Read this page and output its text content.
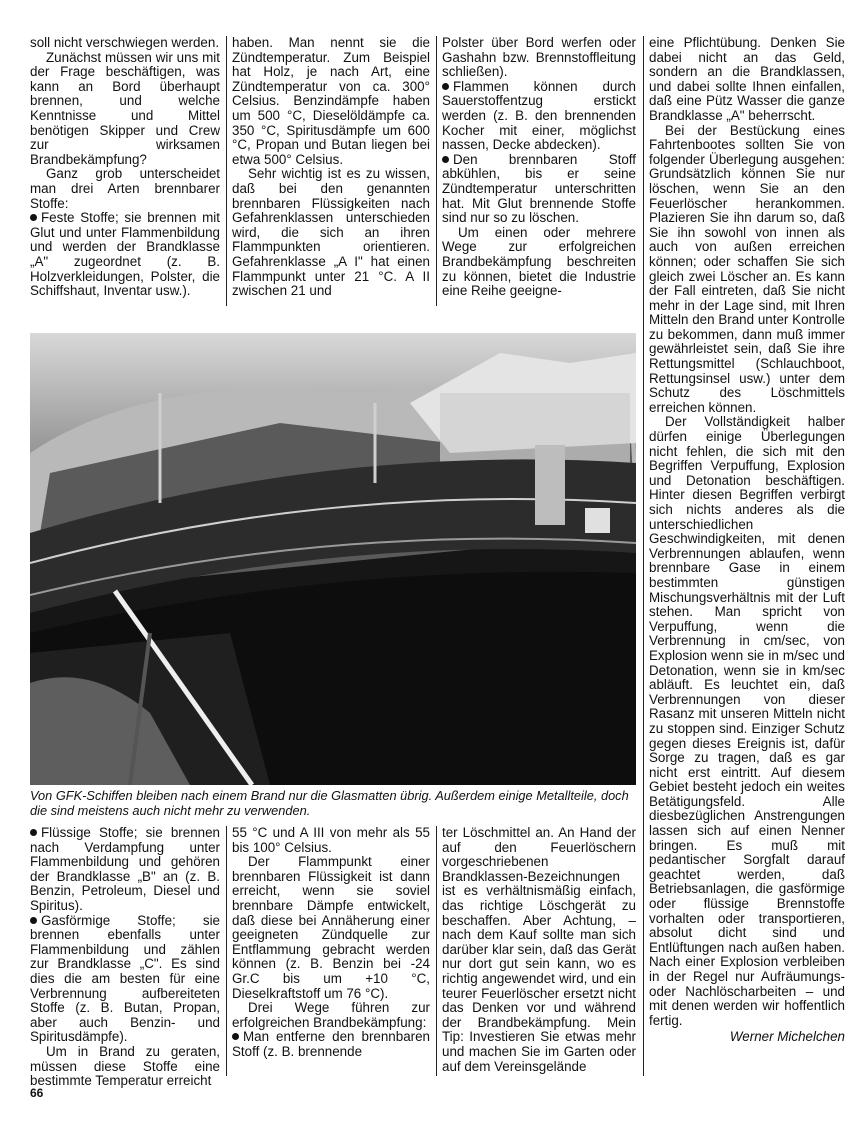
soll nicht verschwiegen werden.

Zunächst müssen wir uns mit der Frage beschäftigen, was kann an Bord überhaupt brennen, und welche Kenntnisse und Mittel benötigen Skipper und Crew zur wirksamen Brandbekämpfung?

Ganz grob unterscheidet man drei Arten brennbarer Stoffe:

Feste Stoffe; sie brennen mit Glut und unter Flammenbildung und werden der Brandklasse „A" zugeordnet (z. B. Holzverkleidungen, Polster, die Schiffshaut, Inventar usw.).

haben. Man nennt sie die Zündtemperatur. Zum Beispiel hat Holz, je nach Art, eine Zündtemperatur von ca. 300° Celsius. Benzindämpfe haben um 500 °C, Dieselöldämpfe ca. 350 °C, Spiritusdämpfe um 600 °C, Propan und Butan liegen bei etwa 500° Celsius.

Sehr wichtig ist es zu wissen, daß bei den genannten brennbaren Flüssigkeiten nach Gefahrenklassen unterschieden wird, die sich an ihren Flammpunkten orientieren. Gefahrenklasse „A I" hat einen Flammpunkt unter 21 °C. A II zwischen 21 und

Polster über Bord werfen oder Gashahn bzw. Brennstoffleitung schließen).

Flammen können durch Sauerstoffentzug erstickt werden (z. B. den brennenden Kocher mit einer, möglichst nassen, Decke abdecken).

Den brennbaren Stoff abkühlen, bis er seine Zündtemperatur unterschritten hat. Mit Glut brennende Stoffe sind nur so zu löschen.

Um einen oder mehrere Wege zur erfolgreichen Brandbekämpfung beschreiten zu können, bietet die Industrie eine Reihe geeigne-

eine Pflichtübung. Denken Sie dabei nicht an das Geld, sondern an die Brandklassen, und dabei sollte Ihnen einfallen, daß eine Pütz Wasser die ganze Brandklasse „A" beherrscht.

Bei der Bestückung eines Fahrtenbootes sollten Sie von folgender Überlegung ausgehen: Grundsätzlich können Sie nur löschen, wenn Sie an den Feuerlöscher herankommen. Plazieren Sie ihn darum so, daß Sie ihn sowohl von innen als auch von außen erreichen können; oder schaffen Sie sich gleich zwei Löscher an. Es kann der Fall eintreten, daß Sie nicht mehr in der Lage sind, mit Ihren Mitteln den Brand unter Kontrolle zu bekommen, dann muß immer gewährleistet sein, daß Sie ihre Rettungsmittel (Schlauchboot, Rettungsinsel usw.) unter dem Schutz des Löschmittels erreichen können.

Der Vollständigkeit halber dürfen einige Überlegungen nicht fehlen, die sich mit den Begriffen Verpuffung, Explosion und Detonation beschäftigen. Hinter diesen Begriffen verbirgt sich nichts anderes als die unterschiedlichen Geschwindigkeiten, mit denen Verbrennungen ablaufen, wenn brennbare Gase in einem bestimmten günstigen Mischungsverhältnis mit der Luft stehen. Man spricht von Verpuffung, wenn die Verbrennung in cm/sec, von Explosion wenn sie in m/sec und Detonation, wenn sie in km/sec abläuft. Es leuchtet ein, daß Verbrennungen von dieser Rasanz mit unseren Mitteln nicht zu stoppen sind. Einziger Schutz gegen dieses Ereignis ist, dafür Sorge zu tragen, daß es gar nicht erst eintritt. Auf diesem Gebiet besteht jedoch ein weites Betätigungsfeld. Alle diesbezüglichen Anstrengungen lassen sich auf einen Nenner bringen. Es muß mit pedantischer Sorgfalt darauf geachtet werden, daß Betriebsanlagen, die gasförmige oder flüssige Brennstoffe vorhalten oder transportieren, absolut dicht sind und Entlüftungen nach außen haben. Nach einer Explosion verbleiben in der Regel nur Aufräumungs- oder Nachlöscharbeiten – und mit denen werden wir hoffentlich fertig.

Werner Michelchen
Von GFK-Schiffen bleiben nach einem Brand nur die Glasmatten übrig. Außerdem einige Metallteile, doch die sind meistens auch nicht mehr zu verwenden.

Flüssige Stoffe; sie brennen nach Verdampfung unter Flammenbildung und gehören der Brandklasse „B" an (z. B. Benzin, Petroleum, Diesel und Spiritus).

Gasförmige Stoffe; sie brennen ebenfalls unter Flammenbildung und zählen zur Brandklasse „C". Es sind dies die am besten für eine Verbrennung aufbereiteten Stoffe (z. B. Butan, Propan, aber auch Benzin- und Spiritusdämpfe).

Um in Brand zu geraten, müssen diese Stoffe eine bestimmte Temperatur erreicht

55 °C und A III von mehr als 55 bis 100° Celsius.

Der Flammpunkt einer brennbaren Flüssigkeit ist dann erreicht, wenn sie soviel brennbare Dämpfe entwickelt, daß diese bei Annäherung einer geeigneten Zündquelle zur Entflammung gebracht werden können (z. B. Benzin bei -24 Gr.C bis um +10 °C, Dieselkraftstoff um 76 °C).

Drei Wege führen zur erfolgreichen Brandbekämpfung:

Man entferne den brennbaren Stoff (z. B. brennende

ter Löschmittel an. An Hand der auf den Feuerlöschern vorgeschriebenen Brandklassen-Bezeichnungen ist es verhältnismäßig einfach, das richtige Löschgerät zu beschaffen. Aber Achtung, – nach dem Kauf sollte man sich darüber klar sein, daß das Gerät nur dort gut sein kann, wo es richtig angewendet wird, und ein teurer Feuerlöscher ersetzt nicht das Denken vor und während der Brandbekämpfung. Mein Tip: Investieren Sie etwas mehr und machen Sie im Garten oder auf dem Vereinsgelände

66
